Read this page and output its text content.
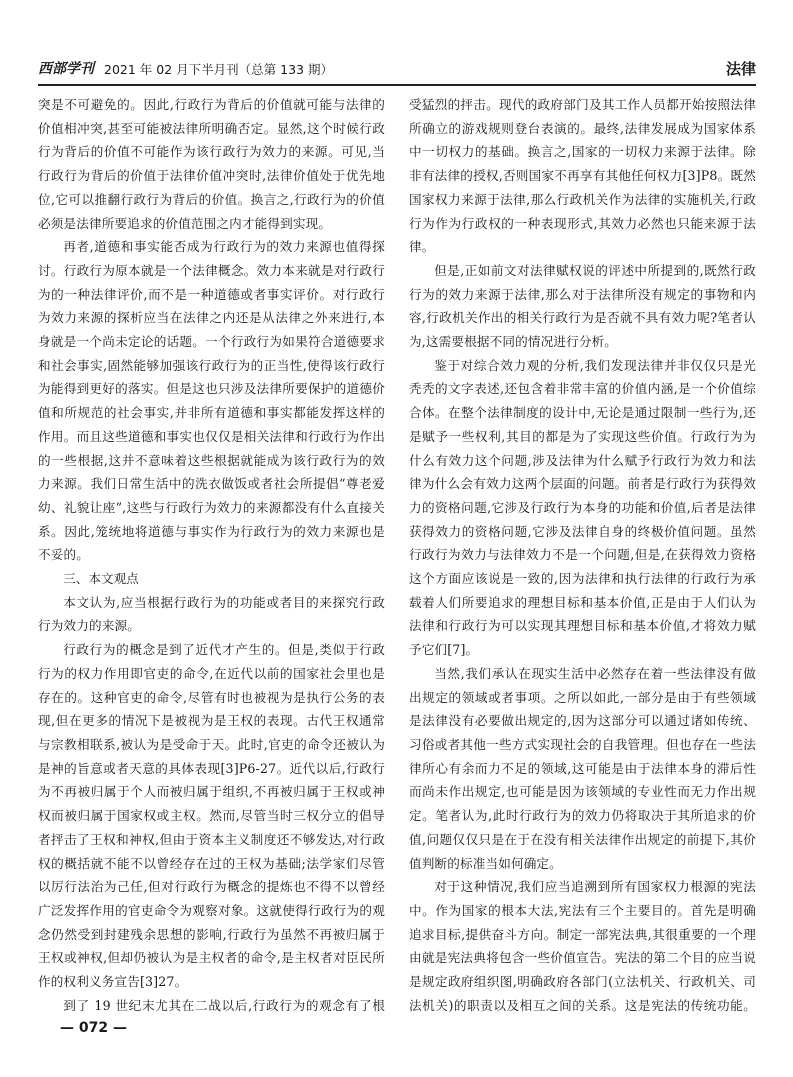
西部学刊 2021 年 02 月下半月刊（总第 133 期）	法律

突是不可避免的。因此,行政行为背后的价值就可能与法律的价值相冲突,甚至可能被法律所明确否定。显然,这个时候行政行为背后的价值不可能作为该行政行为效力的来源。可见,当行政行为背后的价值于法律价值冲突时,法律价值处于优先地位,它可以推翻行政行为背后的价值。换言之,行政行为的价值必须是法律所要追求的价值范围之内才能得到实现。

再者,道德和事实能否成为行政行为的效力来源也值得探讨。行政行为原本就是一个法律概念。效力本来就是对行政行为的一种法律评价,而不是一种道德或者事实评价。对行政行为效力来源的探析应当在法律之内还是从法律之外来进行,本身就是一个尚未定论的话题。一个行政行为如果符合道德要求和社会事实,固然能够加强该行政行为的正当性,使得该行政行为能得到更好的落实。但是这也只涉及法律所要保护的道德价值和所规范的社会事实,并非所有道德和事实都能发挥这样的作用。而且这些道德和事实也仅仅是相关法律和行政行为作出的一些根据,这并不意味着这些根据就能成为该行政行为的效力来源。我们日常生活中的洗衣做饭或者社会所提倡“尊老爱幼、礼貌让座”,这些与行政行为效力的来源都没有什么直接关系。因此,笼统地将道德与事实作为行政行为的效力来源也是不妥的。

三、本文观点

本文认为,应当根据行政行为的功能或者目的来探究行政行为效力的来源。

行政行为的概念是到了近代才产生的。但是,类似于行政行为的权力作用即官吏的命令,在近代以前的国家社会里也是存在的。这种官吏的命令,尽管有时也被视为是执行公务的表现,但在更多的情况下是被视为是王权的表现。古代王权通常与宗教相联系,被认为是受命于天。此时,官吏的命令还被认为是神的旨意或者天意的具体表现[3]P6-27。近代以后,行政行为不再被归属于个人而被归属于组织,不再被归属于王权或神权而被归属于国家权或主权。然而,尽管当时三权分立的倡导者抨击了王权和神权,但由于资本主义制度还不够发达,对行政权的概括就不能不以曾经存在过的王权为基础;法学家们尽管以厉行法治为己任,但对行政行为概念的提炼也不得不以曾经广泛发挥作用的官吏命令为观察对象。这就使得行政行为的观念仍然受到封建残余思想的影响,行政行为虽然不再被归属于王权或神权,但却仍被认为是主权者的命令,是主权者对臣民所作的权利义务宣告[3]27。

到了 19 世纪末尤其在二战以后,行政行为的观念有了根

受猛烈的抨击。现代的政府部门及其工作人员都开始按照法律所确立的游戏规则登台表演的。最终,法律发展成为国家体系中一切权力的基础。换言之,国家的一切权力来源于法律。除非有法律的授权,否则国家不再享有其他任何权力[3]P8。既然国家权力来源于法律,那么行政机关作为法律的实施机关,行政行为作为行政权的一种表现形式,其效力必然也只能来源于法律。

但是,正如前文对法律赋权说的评述中所提到的,既然行政行为的效力来源于法律,那么对于法律所没有规定的事物和内容,行政机关作出的相关行政行为是否就不具有效力呢?笔者认为,这需要根据不同的情况进行分析。

鉴于对综合效力观的分析,我们发现法律并非仅仅只是光秃秃的文字表述,还包含着非常丰富的价值内涵,是一个价值综合体。在整个法律制度的设计中,无论是通过限制一些行为,还是赋予一些权利,其目的都是为了实现这些价值。行政行为为什么有效力这个问题,涉及法律为什么赋予行政行为效力和法律为什么会有效力这两个层面的问题。前者是行政行为获得效力的资格问题,它涉及行政行为本身的功能和价值,后者是法律获得效力的资格问题,它涉及法律自身的终极价值问题。虽然行政行为效力与法律效力不是一个问题,但是,在获得效力资格这个方面应该说是一致的,因为法律和执行法律的行政行为承载着人们所要追求的理想目标和基本价值,正是由于人们认为法律和行政行为可以实现其理想目标和基本价值,才将效力赋予它们[7]。

当然,我们承认在现实生活中必然存在着一些法律没有做出规定的领域或者事项。之所以如此,一部分是由于有些领域是法律没有必要做出规定的,因为这部分可以通过诸如传统、习俗或者其他一些方式实现社会的自我管理。但也存在一些法律所心有余而力不足的领域,这可能是由于法律本身的滞后性而尚未作出规定,也可能是因为该领域的专业性而无力作出规定。笔者认为,此时行政行为的效力仍将取决于其所追求的价值,问题仅仅只是在于在没有相关法律作出规定的前提下,其价值判断的标准当如何确定。

对于这种情况,我们应当追溯到所有国家权力根源的宪法中。作为国家的根本大法,宪法有三个主要目的。首先是明确追求目标,提供奋斗方向。制定一部宪法典,其很重要的一个理由就是宪法典将包含一些价值宣告。宪法的第二个目的应当说是规定政府组织图,明确政府各部门(立法机关、行政机关、司法机关)的职责以及相互之间的关系。这是宪法的传统功能。

— 072 —
